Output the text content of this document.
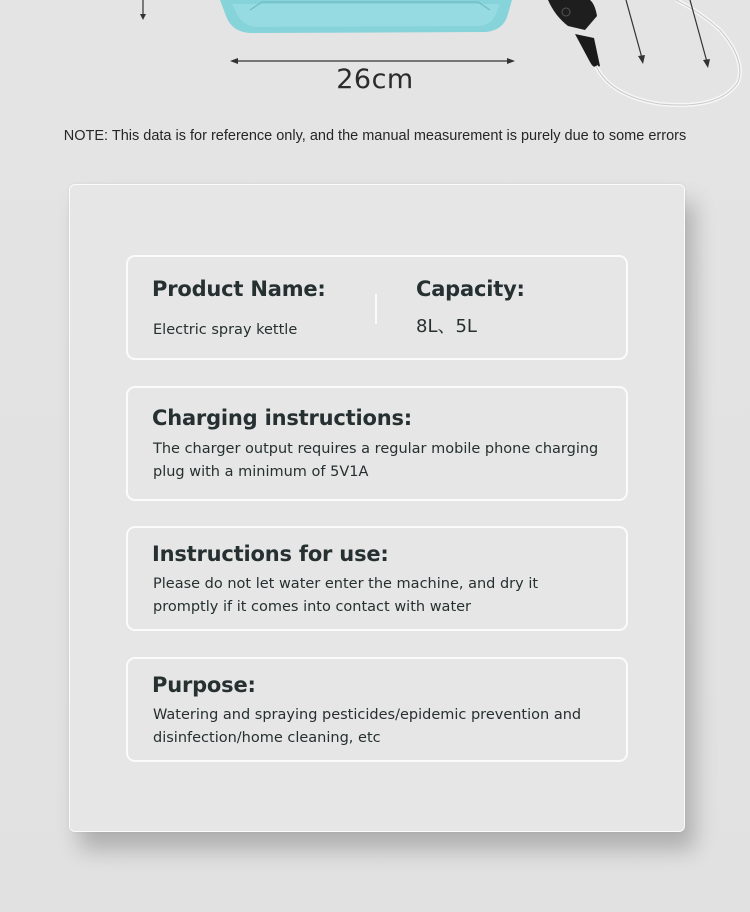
26cm
NOTE: This data is for reference only, and the manual measurement is purely due to some errors
Product Name:
Electric spray kettle
Capacity:
8L、5L
Charging instructions:
The charger output requires a regular mobile phone charging plug with a minimum of 5V1A
Instructions for use:
Please do not let water enter the machine, and dry it promptly if it comes into contact with water
Purpose:
Watering and spraying pesticides/epidemic prevention and disinfection/home cleaning, etc
